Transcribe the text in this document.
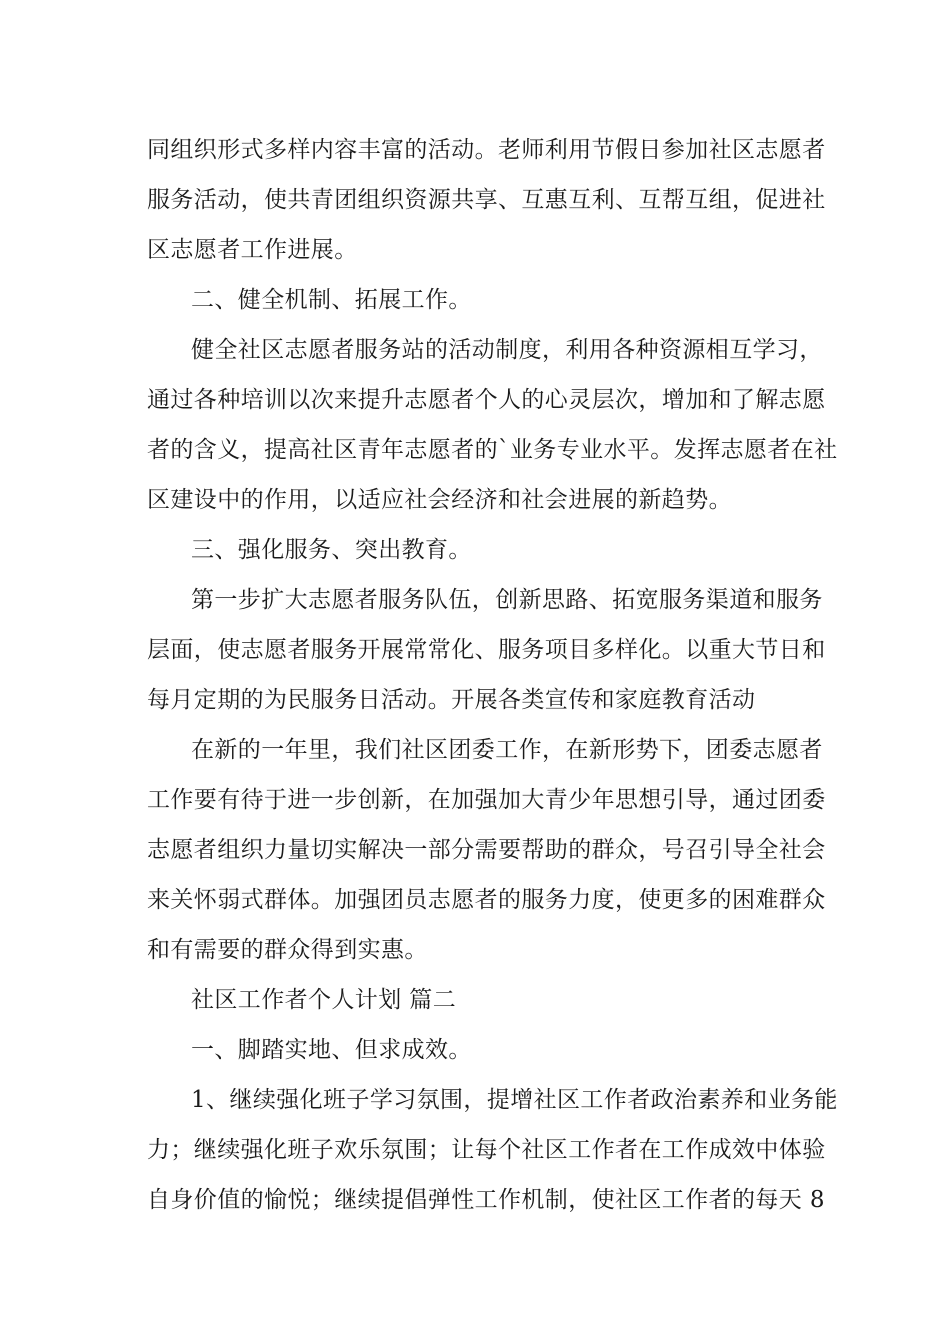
同组织形式多样内容丰富的活动。老师利用节假日参加社区志愿者
服务活动，使共青团组织资源共享、互惠互利、互帮互组，促进社
区志愿者工作进展。
二、健全机制、拓展工作。
健全社区志愿者服务站的活动制度，利用各种资源相互学习，
通过各种培训以次来提升志愿者个人的心灵层次，增加和了解志愿
者的含义，提高社区青年志愿者的`业务专业水平。发挥志愿者在社
区建设中的作用，以适应社会经济和社会进展的新趋势。
三、强化服务、突出教育。
第一步扩大志愿者服务队伍，创新思路、拓宽服务渠道和服务
层面，使志愿者服务开展常常化、服务项目多样化。以重大节日和
每月定期的为民服务日活动。开展各类宣传和家庭教育活动
在新的一年里，我们社区团委工作，在新形势下，团委志愿者
工作要有待于进一步创新，在加强加大青少年思想引导，通过团委
志愿者组织力量切实解决一部分需要帮助的群众，号召引导全社会
来关怀弱式群体。加强团员志愿者的服务力度，使更多的困难群众
和有需要的群众得到实惠。
社区工作者个人计划 篇二
一、脚踏实地、但求成效。
1、继续强化班子学习氛围，提增社区工作者政治素养和业务能
力；继续强化班子欢乐氛围；让每个社区工作者在工作成效中体验
自身价值的愉悦；继续提倡弹性工作机制，使社区工作者的每天 8
